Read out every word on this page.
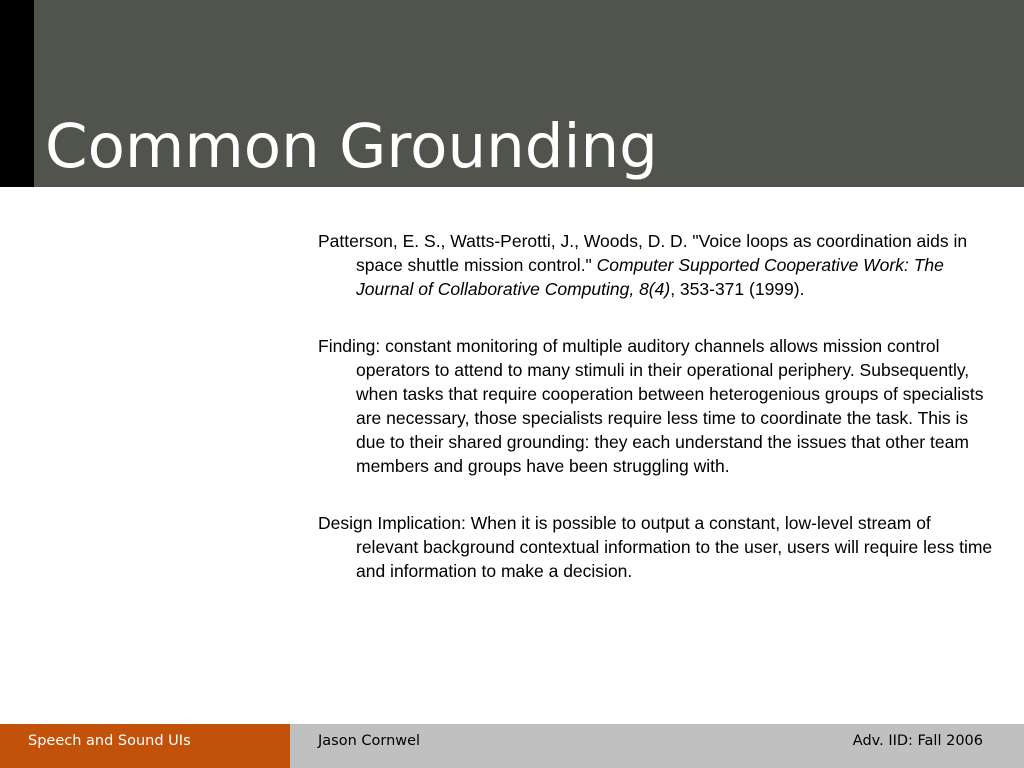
Common Grounding

Patterson, E. S., Watts-Perotti, J., Woods, D. D. "Voice loops as coordination aids in space shuttle mission control." Computer Supported Cooperative Work: The Journal of Collaborative Computing, 8(4), 353-371 (1999).

Finding: constant monitoring of multiple auditory channels allows mission control operators to attend to many stimuli in their operational periphery. Subsequently, when tasks that require cooperation between heterogenious groups of specialists are necessary, those specialists require less time to coordinate the task. This is due to their shared grounding: they each understand the issues that other team members and groups have been struggling with.

Design Implication: When it is possible to output a constant, low-level stream of relevant background contextual information to the user, users will require less time and information to make a decision.

Speech and Sound UIs	Jason Cornwel	Adv. IID: Fall 2006
